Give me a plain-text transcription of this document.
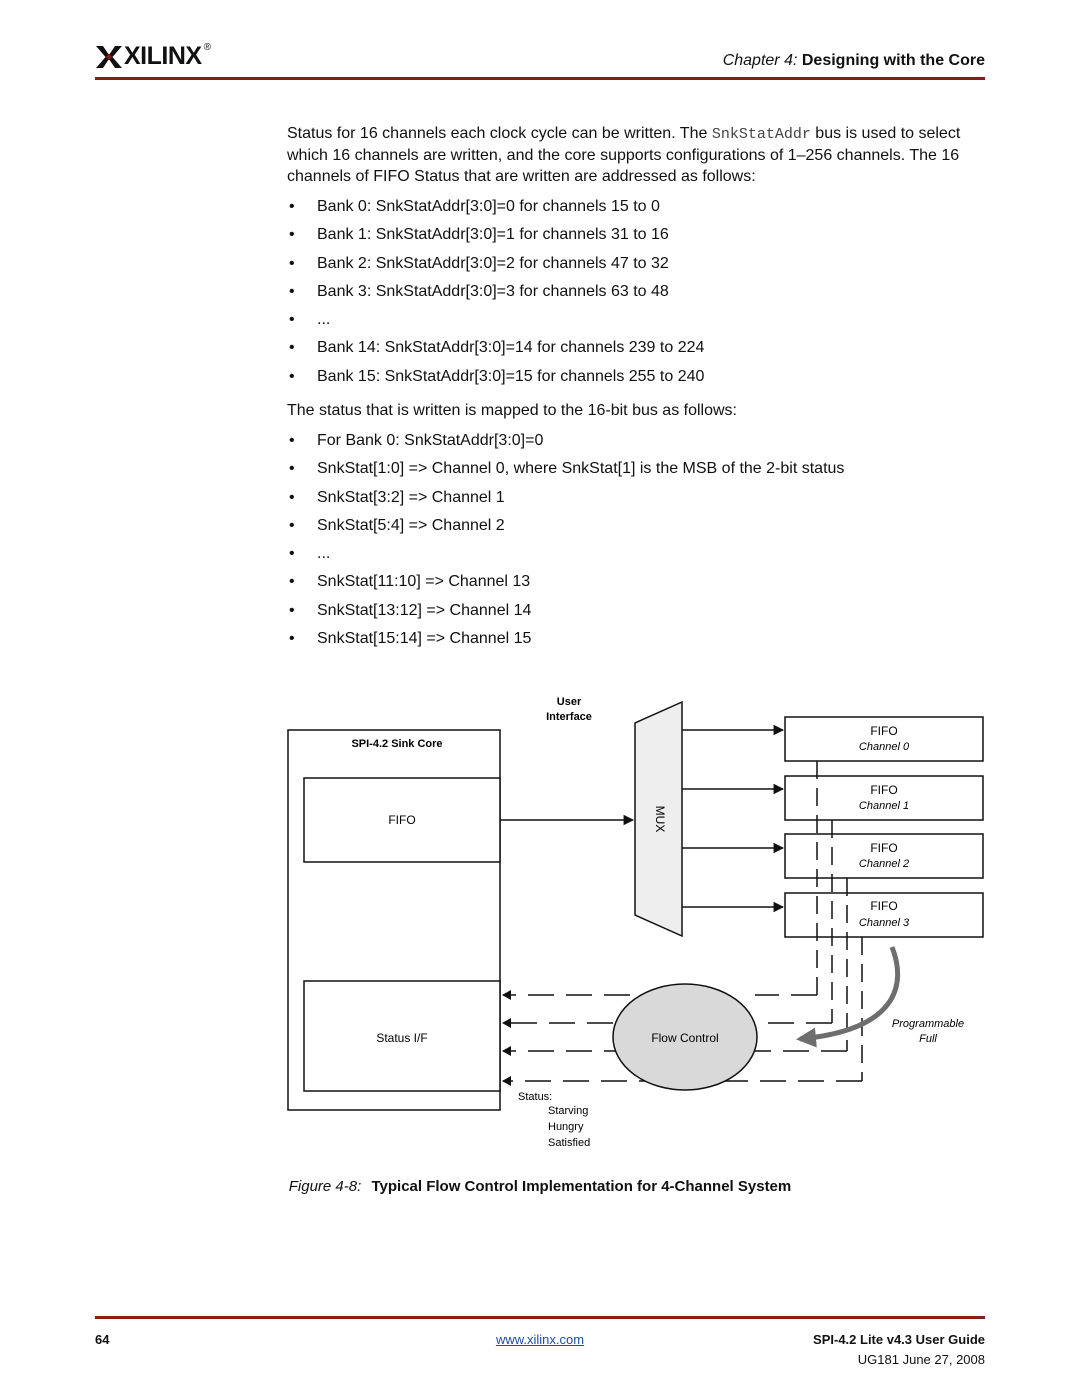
XILINX ®
Chapter 4: Designing with the Core
Status for 16 channels each clock cycle can be written. The SnkStatAddr bus is used to select which 16 channels are written, and the core supports configurations of 1–256 channels. The 16 channels of FIFO Status that are written are addressed as follows:
• Bank 0: SnkStatAddr[3:0]=0 for channels 15 to 0
• Bank 1: SnkStatAddr[3:0]=1 for channels 31 to 16
• Bank 2: SnkStatAddr[3:0]=2 for channels 47 to 32
• Bank 3: SnkStatAddr[3:0]=3 for channels 63 to 48
• ...
• Bank 14: SnkStatAddr[3:0]=14 for channels 239 to 224
• Bank 15: SnkStatAddr[3:0]=15 for channels 255 to 240
The status that is written is mapped to the 16-bit bus as follows:
• For Bank 0: SnkStatAddr[3:0]=0
• SnkStat[1:0] => Channel 0, where SnkStat[1] is the MSB of the 2-bit status
• SnkStat[3:2] => Channel 1
• SnkStat[5:4] => Channel 2
• ...
• SnkStat[11:10] => Channel 13
• SnkStat[13:12] => Channel 14
• SnkStat[15:14] => Channel 15
User
Interface
SPI-4.2 Sink Core
FIFO
Status I/F
MUX
FIFO
Channel 0
FIFO
Channel 1
FIFO
Channel 2
FIFO
Channel 3
Flow Control
Programmable
Full
Status:
Starving
Hungry
Satisfied
Figure 4-8: Typical Flow Control Implementation for 4-Channel System
64	www.xilinx.com	SPI-4.2 Lite v4.3 User Guide
UG181 June 27, 2008
